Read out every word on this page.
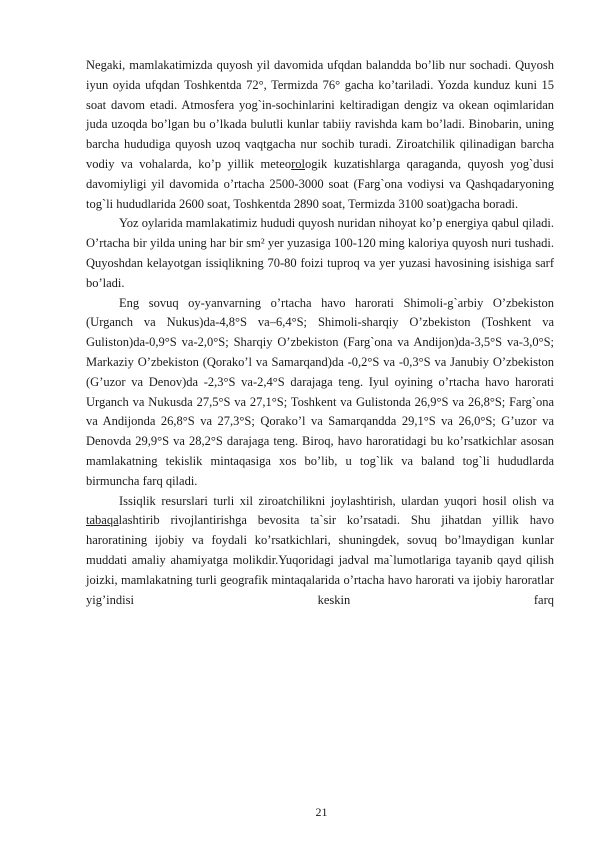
Negaki, mamlakatimizda quyosh yil davomida ufqdan balandda bo’lib nur sochadi. Quyosh iyun oyida ufqdan Toshkentda 72°, Termizda 76° gacha ko’tariladi. Yozda kunduz kuni 15 soat davom etadi. Atmosfera yog`in-sochinlarini keltiradigan dengiz va okean oqimlaridan juda uzoqda bo’lgan bu o’lkada bulutli kunlar tabiiy ravishda kam bo’ladi. Binobarin, uning barcha hududiga quyosh uzoq vaqtgacha nur sochib turadi. Ziroatchilik qilinadigan barcha vodiy va vohalarda, ko’p yillik meteorologik kuzatishlarga qaraganda, quyosh yog`dusi davomiyligi yil davomida o’rtacha 2500-3000 soat (Farg`ona vodiysi va Qashqadaryoning tog`li hududlarida 2600 soat, Toshkentda 2890 soat, Termizda 3100 soat)gacha boradi.

Yoz oylarida mamlakatimiz hududi quyosh nuridan nihoyat ko’p energiya qabul qiladi. O’rtacha bir yilda uning har bir sm² yer yuzasiga 100-120 ming kaloriya quyosh nuri tushadi. Quyoshdan kelayotgan issiqlikning 70-80 foizi tuproq va yer yuzasi havosining isishiga sarf bo’ladi.

Eng sovuq oy-yanvarning o’rtacha havo harorati Shimoli-g`arbiy O’zbekiston (Urganch va Nukus)da-4,8°S va–6,4°S; Shimoli-sharqiy O’zbekiston (Toshkent va Guliston)da-0,9°S va-2,0°S; Sharqiy O’zbekiston (Farg`ona va Andijon)da-3,5°S va-3,0°S; Markaziy O’zbekiston (Qorako’l va Samarqand)da -0,2°S va -0,3°S va Janubiy O’zbekiston (G’uzor va Denov)da -2,3°S va-2,4°S darajaga teng. Iyul oyining o’rtacha havo harorati Urganch va Nukusda 27,5°S va 27,1°S; Toshkent va Gulistonda 26,9°S va 26,8°S; Farg`ona va Andijonda 26,8°S va 27,3°S; Qorako’l va Samarqandda 29,1°S va 26,0°S; G’uzor va Denovda 29,9°S va 28,2°S darajaga teng. Biroq, havo haroratidagi bu ko’rsatkichlar asosan mamlakatning tekislik mintaqasiga xos bo’lib, u tog`lik va baland tog`li hududlarda birmuncha farq qiladi.

Issiqlik resurslari turli xil ziroatchilikni joylashtirish, ulardan yuqori hosil olish va tabaqalashtirib rivojlantirishga bevosita ta`sir ko’rsatadi. Shu jihatdan yillik havo haroratining ijobiy va foydali ko’rsatkichlari, shuningdek, sovuq bo’lmaydigan kunlar muddati amaliy ahamiyatga molikdir.Yuqoridagi jadval ma`lumotlariga tayanib qayd qilish joizki, mamlakatning turli geografik mintaqalarida o’rtacha havo harorati va ijobiy haroratlar yig’indisi keskin farq

21
